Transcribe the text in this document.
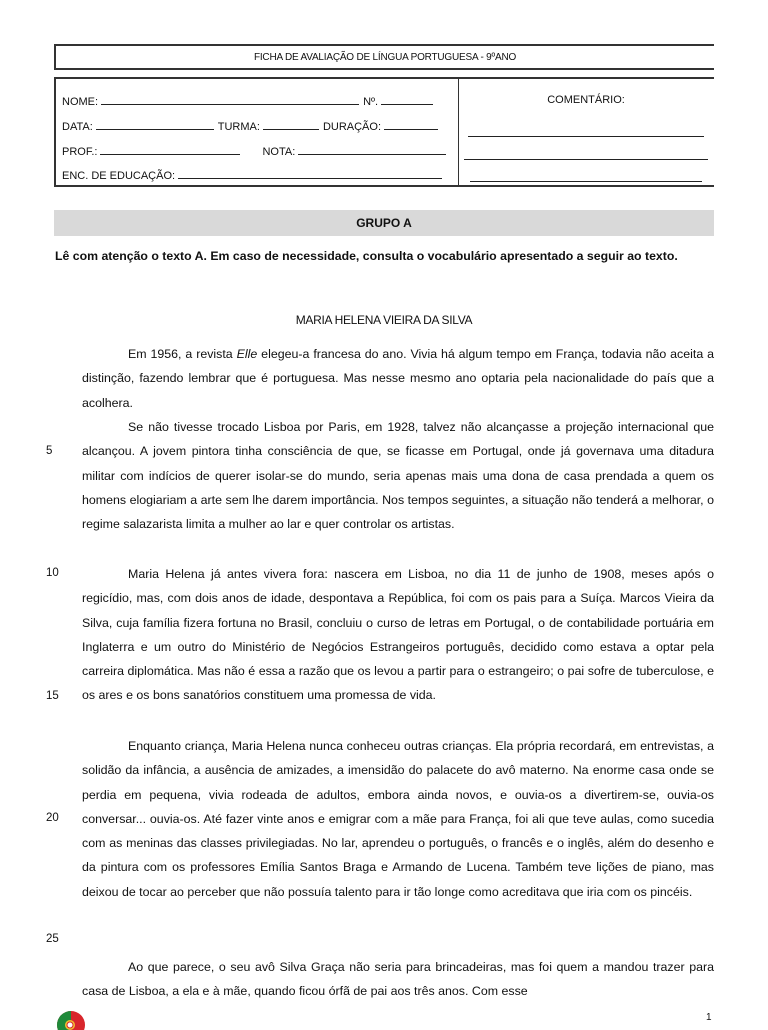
FICHA DE AVALIAÇÃO DE LÍNGUA PORTUGUESA - 9ºANO
NOME:	Nº.
DATA:	TURMA:	DURAÇÃO:
PROF.:	NOTA:
ENC. DE EDUCAÇÃO:
COMENTÁRIO:
GRUPO A
Lê com atenção o texto A. Em caso de necessidade, consulta o vocabulário apresentado a seguir ao texto.
MARIA HELENA VIEIRA DA SILVA

Em 1956, a revista Elle elegeu-a francesa do ano. Vivia há algum tempo em França, todavia não aceita a distinção, fazendo lembrar que é portuguesa. Mas nesse mesmo ano optaria pela nacionalidade do país que a acolhera.

Se não tivesse trocado Lisboa por Paris, em 1928, talvez não alcançasse a projeção internacional que alcançou. A jovem pintora tinha consciência de que, se ficasse em Portugal, onde já governava uma ditadura militar com indícios de querer isolar-se do mundo, seria apenas mais uma dona de casa prendada a quem os homens elogiariam a arte sem lhe darem importância. Nos tempos seguintes, a situação não tenderá a melhorar, o regime salazarista limita a mulher ao lar e quer controlar os artistas.

Maria Helena já antes vivera fora: nascera em Lisboa, no dia 11 de junho de 1908, meses após o regicídio, mas, com dois anos de idade, despontava a República, foi com os pais para a Suíça. Marcos Vieira da Silva, cuja família fizera fortuna no Brasil, concluiu o curso de letras em Portugal, o de contabilidade portuária em Inglaterra e um outro do Ministério de Negócios Estrangeiros português, decidido como estava a optar pela carreira diplomática. Mas não é essa a razão que os levou a partir para o estrangeiro; o pai sofre de tuberculose, e os ares e os bons sanatórios constituem uma promessa de vida.

Enquanto criança, Maria Helena nunca conheceu outras crianças. Ela própria recordará, em entrevistas, a solidão da infância, a ausência de amizades, a imensidão do palacete do avô materno. Na enorme casa onde se perdia em pequena, vivia rodeada de adultos, embora ainda novos, e ouvia-os a divertirem-se, ouvia-os conversar... ouvia-os. Até fazer vinte anos e emigrar com a mãe para França, foi ali que teve aulas, como sucedia com as meninas das classes privilegiadas. No lar, aprendeu o português, o francês e o inglês, além do desenho e da pintura com os professores Emília Santos Braga e Armando de Lucena. Também teve lições de piano, mas deixou de tocar ao perceber que não possuía talento para ir tão longe como acreditava que iria com os pincéis.

Ao que parece, o seu avô Silva Graça não seria para brincadeiras, mas foi quem a mandou trazer para casa de Lisboa, a ela e à mãe, quando ficou órfã de pai aos três anos. Com esse

5
10
15
20
25
1
